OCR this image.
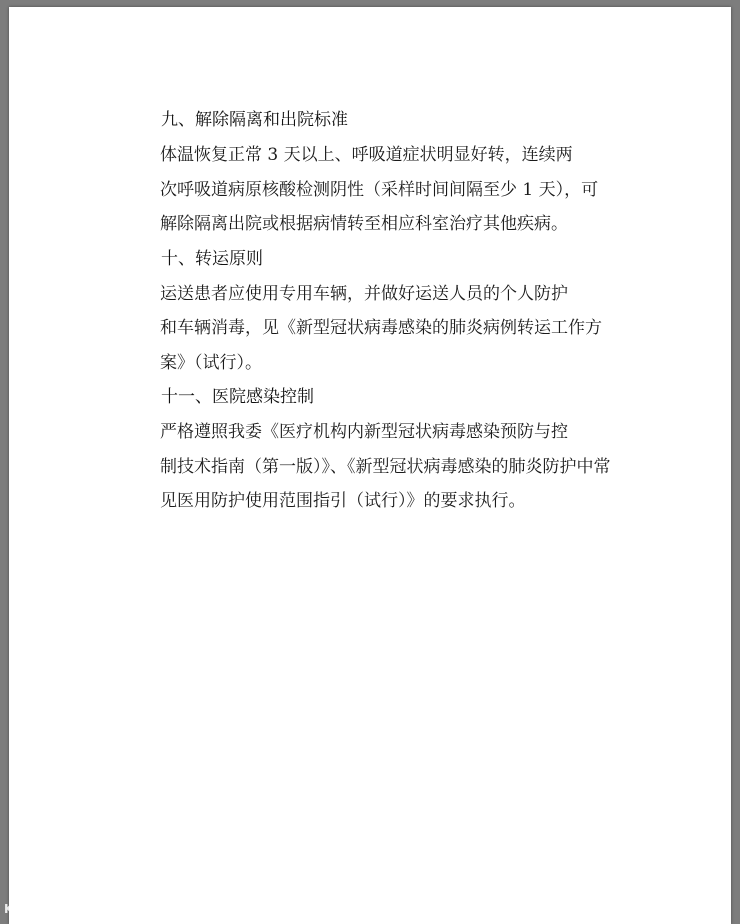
九、解除隔离和出院标准

体温恢复正常 3 天以上、呼吸道症状明显好转，连续两
次呼吸道病原核酸检测阴性（采样时间间隔至少 1 天），可
解除隔离出院或根据病情转至相应科室治疗其他疾病。

十、转运原则

运送患者应使用专用车辆，并做好运送人员的个人防护
和车辆消毒，见《新型冠状病毒感染的肺炎病例转运工作方
案》（试行）。

十一、医院感染控制

严格遵照我委《医疗机构内新型冠状病毒感染预防与控
制技术指南（第一版）》、《新型冠状病毒感染的肺炎防护中常
见医用防护使用范围指引（试行）》的要求执行。

K 大数跨境
